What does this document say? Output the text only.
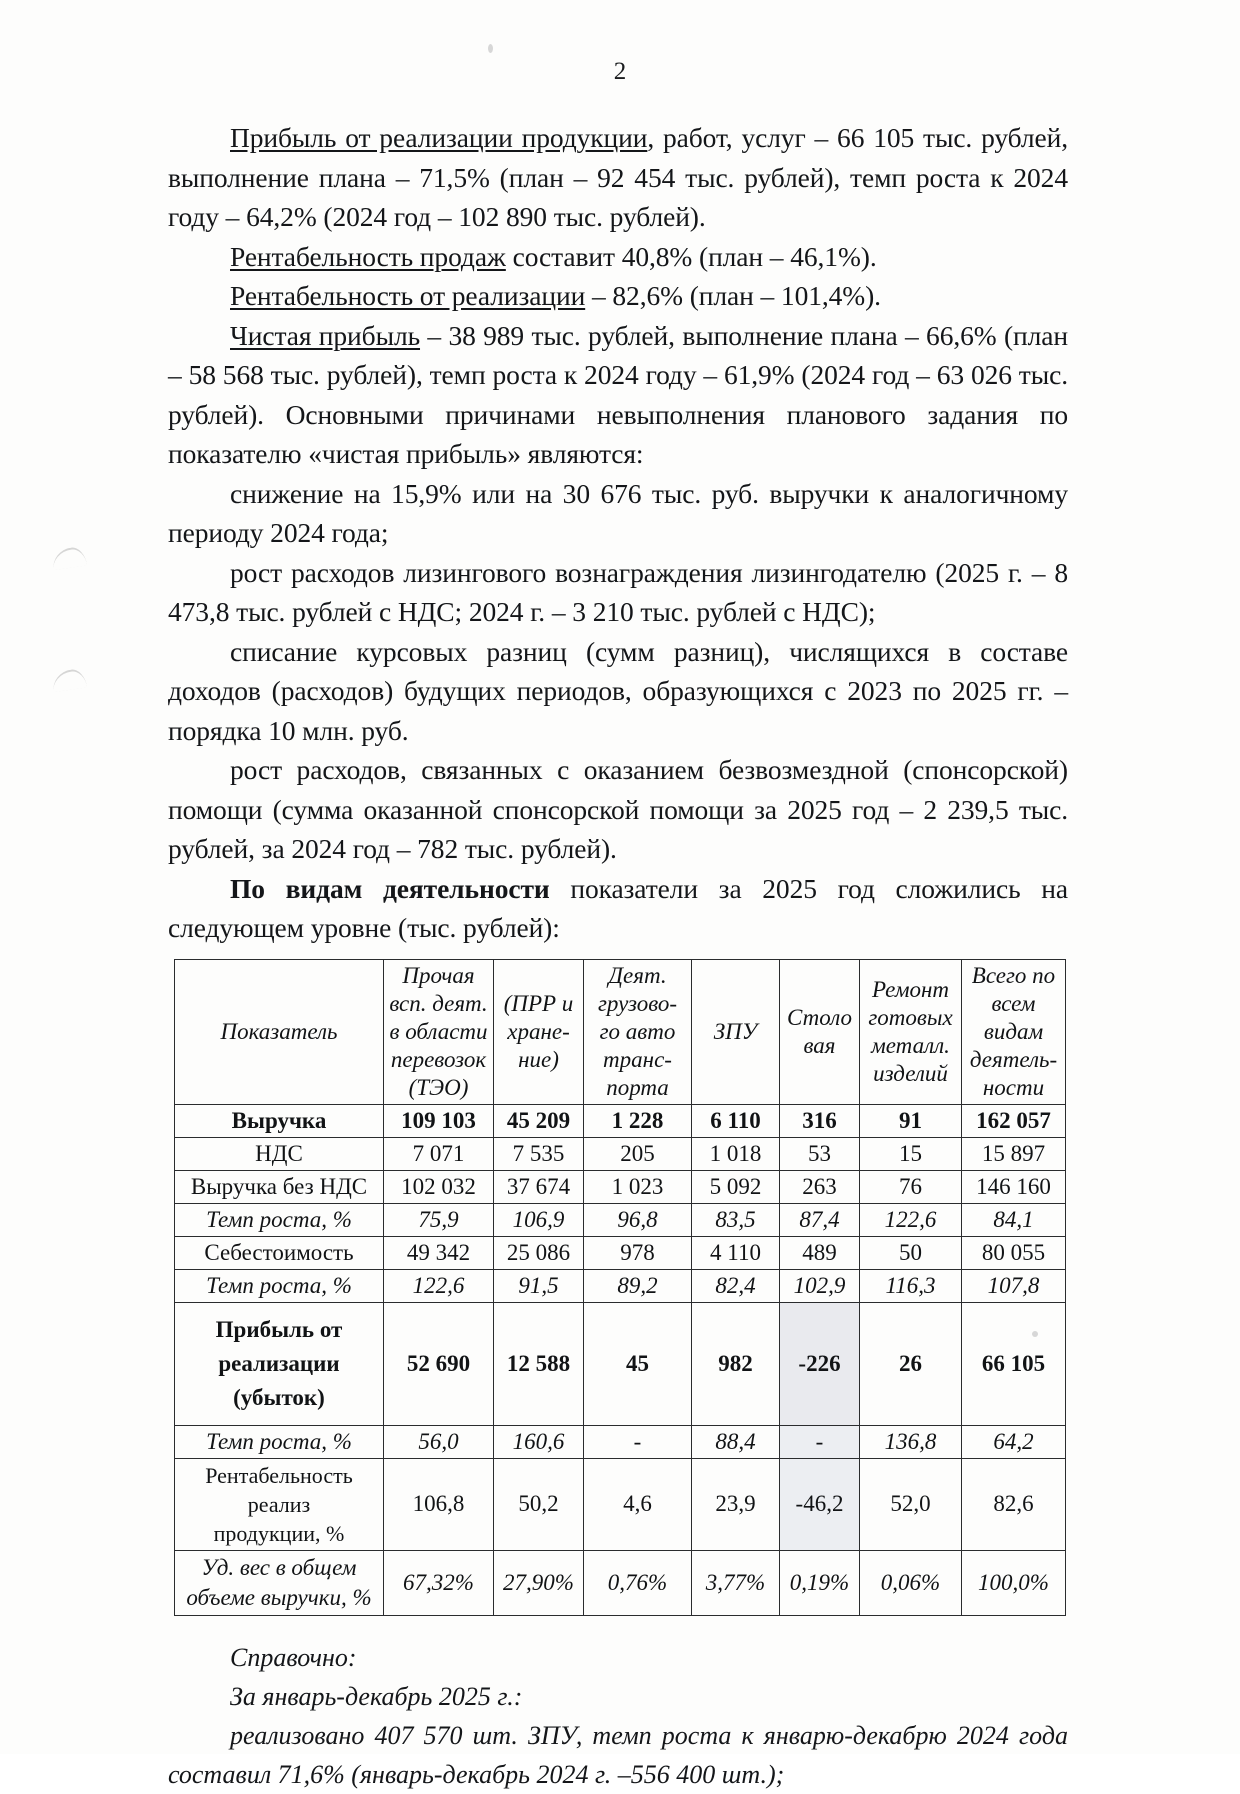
2

Прибыль от реализации продукции, работ, услуг – 66 105 тыс. рублей, выполнение плана – 71,5% (план – 92 454 тыс. рублей), темп роста к 2024 году – 64,2% (2024 год – 102 890 тыс. рублей).

Рентабельность продаж составит 40,8% (план – 46,1%).

Рентабельность от реализации – 82,6% (план – 101,4%).

Чистая прибыль – 38 989 тыс. рублей, выполнение плана – 66,6% (план – 58 568 тыс. рублей), темп роста к 2024 году – 61,9% (2024 год – 63 026 тыс. рублей). Основными причинами невыполнения планового задания по показателю «чистая прибыль» являются:

снижение на 15,9% или на 30 676 тыс. руб. выручки к аналогичному периоду 2024 года;

рост расходов лизингового вознаграждения лизингодателю (2025 г. – 8 473,8 тыс. рублей с НДС; 2024 г. – 3 210 тыс. рублей с НДС);

списание курсовых разниц (сумм разниц), числящихся в составе доходов (расходов) будущих периодов, образующихся с 2023 по 2025 гг. – порядка 10 млн. руб.

рост расходов, связанных с оказанием безвозмездной (спонсорской) помощи (сумма оказанной спонсорской помощи за 2025 год – 2 239,5 тыс. рублей, за 2024 год – 782 тыс. рублей).

По видам деятельности показатели за 2025 год сложились на следующем уровне (тыс. рублей):

Показатель	Прочая
всп. деят.
в области
перевозок
(ТЭО)	(ПРР и
хране-
ние)	Деят.
грузово-
го авто
транс-
порта	ЗПУ	Столо
вая	Ремонт
готовых
металл.
изделий	Всего по
всем видам
деятель-
ности
Выручка	109 103	45 209	1 228	6 110	316	91	162 057
НДС	7 071	7 535	205	1 018	53	15	15 897
Выручка без НДС	102 032	37 674	1 023	5 092	263	76	146 160
Темп роста, %	75,9	106,9	96,8	83,5	87,4	122,6	84,1
Себестоимость	49 342	25 086	978	4 110	489	50	80 055
Темп роста, %	122,6	91,5	89,2	82,4	102,9	116,3	107,8
Прибыль от
реализации
(убыток)	52 690	12 588	45	982	-226	26	66 105
Темп роста, %	56,0	160,6	-	88,4	-	136,8	64,2
Рентабельность реализ
продукции, %	106,8	50,2	4,6	23,9	-46,2	52,0	82,6
Уд. вес в общем
объеме выручки, %	67,32%	27,90%	0,76%	3,77%	0,19%	0,06%	100,0%
Справочно:
За январь-декабрь 2025 г.:
реализовано 407 570 шт. ЗПУ, темп роста к январю-декабрю 2024 года составил 71,6% (январь-декабрь 2024 г. –556 400 шт.);
